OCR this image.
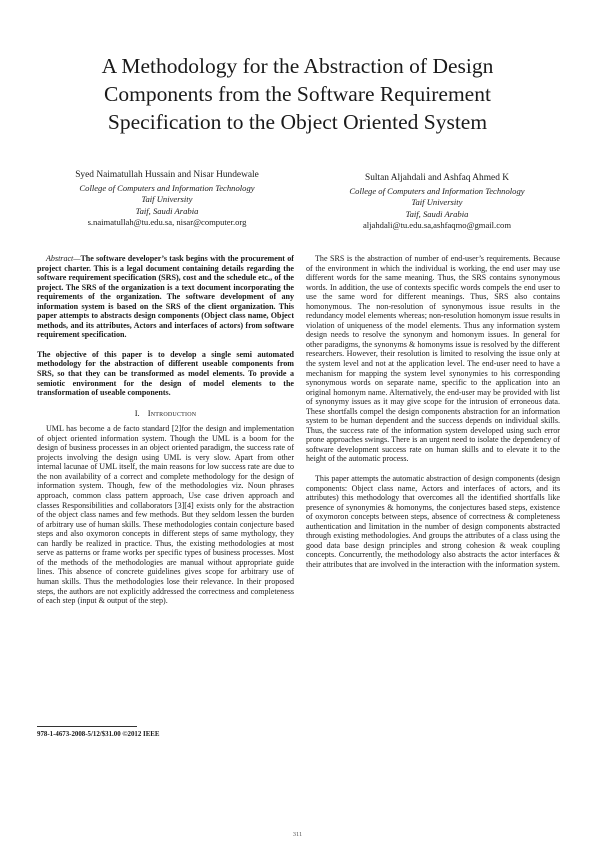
A Methodology for the Abstraction of Design
Components from the Software Requirement
Specification to the Object Oriented System
Syed Naimatullah Hussain and Nisar Hundewale
College of Computers and Information Technology
Taif University
Taif, Saudi Arabia
s.naimatullah@tu.edu.sa, nisar@computer.org
Sultan Aljahdali and Ashfaq Ahmed K
College of Computers and Information Technology
Taif University
Taif, Saudi Arabia
aljahdali@tu.edu.sa,ashfaqmo@gmail.com

Abstract—The software developer’s task begins with the procurement of project charter. This is a legal document containing details regarding the software requirement specification (SRS), cost and the schedule etc., of the project. The SRS of the organization is a text document incorporating the requirements of the organization. The software development of any information system is based on the SRS of the client organization. This paper attempts to abstracts design components (Object class name, Object methods, and its attributes, Actors and interfaces of actors) from software requirement specification.

The objective of this paper is to develop a single semi automated methodology for the abstraction of different useable components from SRS, so that they can be transformed as model elements. To provide a semiotic environment for the design of model elements to the transformation of useable components.

I. Introduction

UML has become a de facto standard [2]for the design and implementation of object oriented information system. Though the UML is a boom for the design of business processes in an object oriented paradigm, the success rate of projects involving the design using UML is very slow. Apart from other internal lacunae of UML itself, the main reasons for low success rate are due to the non availability of a correct and complete methodology for the design of information system. Though, few of the methodologies viz. Noun phrases approach, common class pattern approach, Use case driven approach and classes Responsibilities and collaborators [3][4] exists only for the abstraction of the object class names and few methods. But they seldom lessen the burden of arbitrary use of human skills. These methodologies contain conjecture based steps and also oxymoron concepts in different steps of same mythology, they can hardly be realized in practice. Thus, the existing methodologies at most serve as patterns or frame works per specific types of business processes. Most of the methods of the methodologies are manual without appropriate guide lines. This absence of concrete guidelines gives scope for arbitrary use of human skills. Thus the methodologies lose their relevance. In their proposed steps, the authors are not explicitly addressed the correctness and completeness of each step (input & output of the step).

The SRS is the abstraction of number of end-user’s requirements. Because of the environment in which the individual is working, the end user may use different words for the same meaning. Thus, the SRS contains synonymous words. In addition, the use of contexts specific words compels the end user to use the same word for different meanings. Thus, SRS also contains homonymous. The non-resolution of synonymous issue results in the redundancy model elements whereas; non-resolution homonym issue results in violation of uniqueness of the model elements. Thus any information system design needs to resolve the synonym and homonym issues. In general for other paradigms, the synonyms & homonyms issue is resolved by the different researchers. However, their resolution is limited to resolving the issue only at the system level and not at the application level. The end-user need to have a mechanism for mapping the system level synonymies to his corresponding synonymous words on separate name, specific to the application into an original homonym name. Alternatively, the end-user may be provided with list of synonymy issues as it may give scope for the intrusion of erroneous data. These shortfalls compel the design components abstraction for an information system to be human dependent and the success depends on individual skills. Thus, the success rate of the information system developed using such error prone approaches swings. There is an urgent need to isolate the dependency of software development success rate on human skills and to elevate it to the height of the automatic process.

This paper attempts the automatic abstraction of design components (design components: Object class name, Actors and interfaces of actors, and its attributes) this methodology that overcomes all the identified shortfalls like presence of synonymies & homonyms, the conjectures based steps, existence of oxymoron concepts between steps, absence of correctness & completeness authentication and limitation in the number of design components abstracted through existing methodologies. And groups the attributes of a class using the good data base design principles and strong cohesion & weak coupling concepts. Concurrently, the methodology also abstracts the actor interfaces & their attributes that are involved in the interaction with the information system.

978-1-4673-2008-5/12/$31.00 ©2012 IEEE
311
